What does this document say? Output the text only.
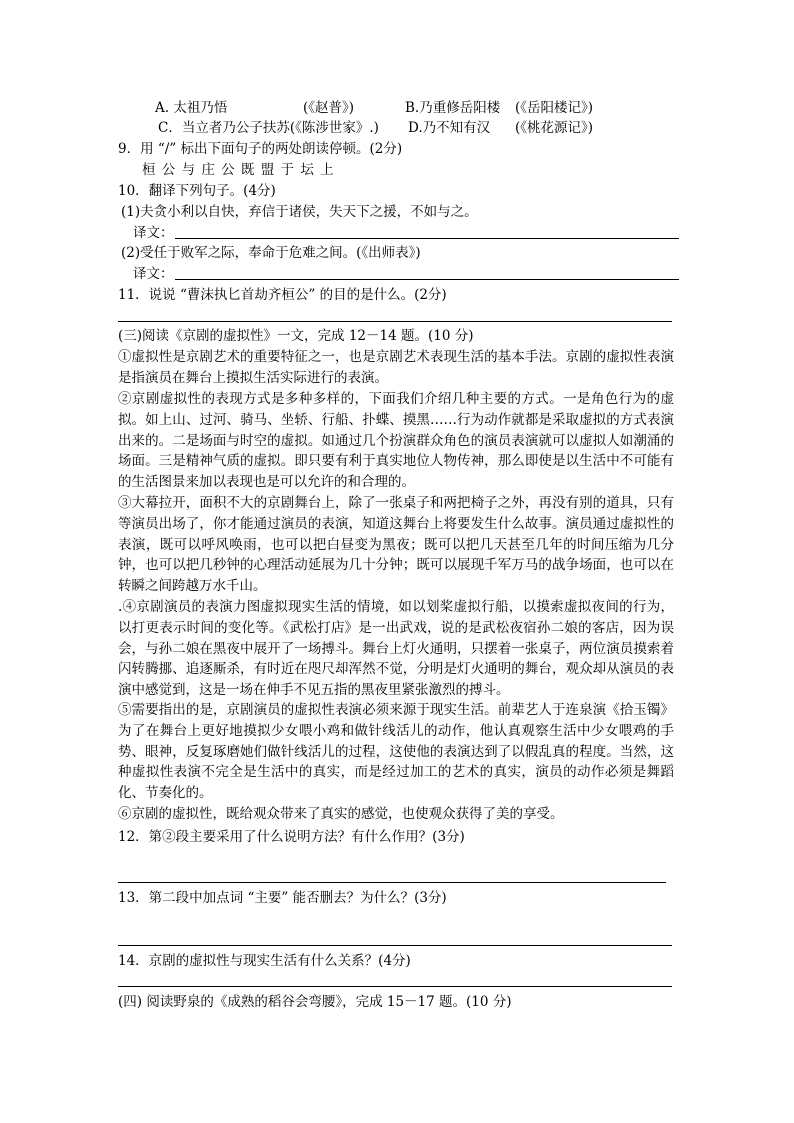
A. 太祖乃悟	(《赵普》)	B.乃重修岳阳楼 (《岳阳楼记》)
C．当立者乃公子扶苏(《陈涉世家》.) D.乃不知有汉 (《桃花源记》)
9．用 “/” 标出下面句子的两处朗读停顿。(2分)
桓 公 与 庄 公 既 盟 于 坛 上
10．翻译下列句子。(4分)
(1)夫贪小利以自快，弃信于诸侯，失天下之援，不如与之。
译文：
(2)受任于败军之际，奉命于危难之间。(《出师表》)
译文：
11．说说 “曹沫执匕首劫齐桓公” 的目的是什么。(2分)
(三)阅读《京剧的虚拟性》一文，完成 12－14 题。(10 分)
①虚拟性是京剧艺术的重要特征之一，也是京剧艺术表现生活的基本手法。京剧的虚拟性表演是指演员在舞台上摸拟生活实际进行的表演。
②京剧虚拟性的表现方式是多种多样的，下面我们介绍几种主要的方式。一是角色行为的虚拟。如上山、过河、骑马、坐轿、行船、扑蝶、摸黑……行为动作就都是采取虚拟的方式表演出来的。二是场面与时空的虚拟。如通过几个扮演群众角色的演员表演就可以虚拟人如潮涌的场面。三是精神气质的虚拟。即只要有利于真实地位人物传神，那么即使是以生活中不可能有的生活图景来加以表现也是可以允许的和合理的。
③大幕拉开，面积不大的京剧舞台上，除了一张桌子和两把椅子之外，再没有别的道具，只有等演员出场了，你才能通过演员的表演，知道这舞台上将要发生什么故事。演员通过虚拟性的表演，既可以呼风唤雨，也可以把白昼变为黑夜；既可以把几天甚至几年的时间压缩为几分钟，也可以把几秒钟的心理活动延展为几十分钟；既可以展现千军万马的战争场面，也可以在转瞬之间跨越万水千山。
.④京剧演员的表演力图虚拟现实生活的情境，如以划桨虚拟行船，以摸索虚拟夜间的行为，以打更表示时间的变化等。《武松打店》是一出武戏，说的是武松夜宿孙二娘的客店，因为误会，与孙二娘在黑夜中展开了一场搏斗。舞台上灯火通明，只摆着一张桌子，两位演员摸索着闪转腾挪、追逐厮杀，有时近在咫尺却浑然不觉，分明是灯火通明的舞台，观众却从演员的表演中感觉到，这是一场在伸手不见五指的黑夜里紧张激烈的搏斗。
⑤需要指出的是，京剧演员的虚拟性表演必须来源于现实生活。前辈艺人于连泉演《拾玉镯》为了在舞台上更好地摸拟少女喂小鸡和做针线活儿的动作，他认真观察生活中少女喂鸡的手势、眼神，反复琢磨她们做针线活儿的过程，这使他的表演达到了以假乱真的程度。当然，这种虚拟性表演不完全是生活中的真实，而是经过加工的艺术的真实，演员的动作必须是舞蹈化、节奏化的。
⑥京剧的虚拟性，既给观众带来了真实的感觉，也使观众获得了美的享受。
12．第②段主要采用了什么说明方法？有什么作用？(3分)
13．第二段中加点词 “主要” 能否删去？为什么？(3分)
14．京剧的虚拟性与现实生活有什么关系？(4分)
(四) 阅读野泉的《成熟的稻谷会弯腰》，完成 15－17 题。(10 分)
